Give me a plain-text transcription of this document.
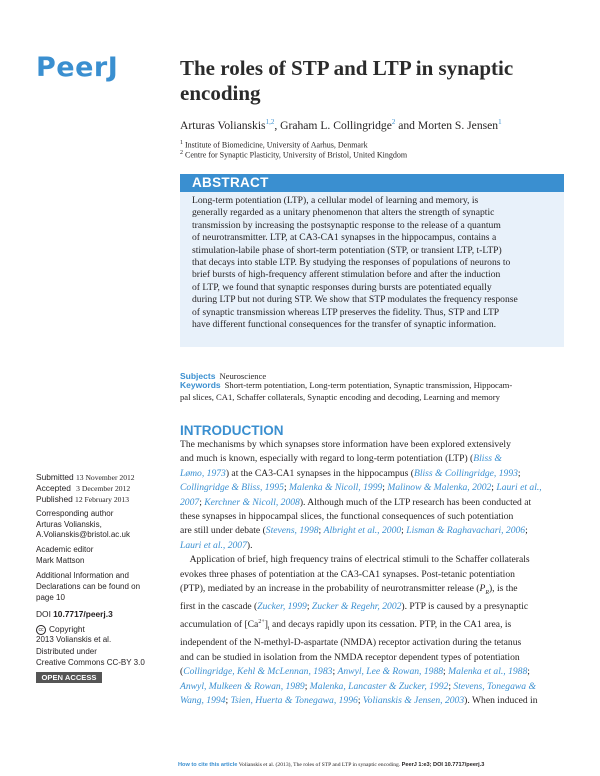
PeerJ	The roles of STP and LTP in synaptic encoding
Arturas Volianskis$^{1,2}$, Graham L. Collingridge$^2$ and Morten S. Jensen$^1$
$^1$ Institute of Biomedicine, University of Aarhus, Denmark
$^2$ Centre for Synaptic Plasticity, University of Bristol, United Kingdom
ABSTRACT

Long-term potentiation (LTP), a cellular model of learning and memory, is

generally regarded as a unitary phenomenon that alters the strength of synaptic

transmission by increasing the postsynaptic response to the release of a quantum

of neurotransmitter. LTP, at CA3-CA1 synapses in the hippocampus, contains a

stimulation-labile phase of short-term potentiation (STP, or transient LTP, t-LTP)

that decays into stable LTP. By studying the responses of populations of neurons to

brief bursts of high-frequency afferent stimulation before and after the induction

of LTP, we found that synaptic responses during bursts are potentiated equally

during LTP but not during STP. We show that STP modulates the frequency response

of synaptic transmission whereas LTP preserves the fidelity. Thus, STP and LTP

have different functional consequences for the transfer of synaptic information.

Subjects Neuroscience

Keywords Short-term potentiation, Long-term potentiation, Synaptic transmission, Hippocam-

pal slices, CA1, Schaffer collaterals, Synaptic encoding and decoding, Learning and memory

INTRODUCTION

The mechanisms by which synapses store information have been explored extensively

and much is known, especially with regard to long-term potentiation (LTP) (Bliss &

Lømo, 1973) at the CA3-CA1 synapses in the hippocampus (Bliss & Collingridge, 1993;

Collingridge & Bliss, 1995; Malenka & Nicoll, 1999; Malinow & Malenka, 2002; Lauri et al.,

2007; Kerchner & Nicoll, 2008). Although much of the LTP research has been conducted at

these synapses in hippocampal slices, the functional consequences of such potentiation

are still under debate (Stevens, 1998; Albright et al., 2000; Lisman & Raghavachari, 2006;

Lauri et al., 2007).

Application of brief, high frequency trains of electrical stimuli to the Schaffer collaterals

evokes three phases of potentiation at the CA3-CA1 synapses. Post-tetanic potentiation

(PTP), mediated by an increase in the probability of neurotransmitter release $(P_R)$, is the

first in the cascade (Zucker, 1999; Zucker & Regehr, 2002). PTP is caused by a presynaptic

accumulation of $[Ca^{2+}]_i$ and decays rapidly upon its cessation. PTP, in the CA1 area, is

independent of the N-methyl-D-aspartate (NMDA) receptor activation during the tetanus

and can be studied in isolation from the NMDA receptor dependent types of potentiation

(Collingridge, Kehl & McLennan, 1983; Anwyl, Lee & Rowan, 1988; Malenka et al., 1988;

Anwyl, Mulkeen & Rowan, 1989; Malenka, Lancaster & Zucker, 1992; Stevens, Tonegawa &

Wang, 1994; Tsien, Huerta & Tonegawa, 1996; Volianskis & Jensen, 2003). When induced in

Submitted 13 November 2012
Accepted 3 December 2012
Published 12 February 2013
Corresponding author
Arturas Volianskis,
A.Volianskis@bristol.ac.uk
Academic editor
Mark Mattson
Additional Information and
Declarations can be found on
page 10
DOI 10.7717/peerj.3
cc Copyright
2013 Volianskis et al.
Distributed under
Creative Commons CC-BY 3.0
OPEN ACCESS
How to cite this article Volianskis et al. (2013), The roles of STP and LTP in synaptic encoding. PeerJ 1:e3; DOI 10.7717/peerj.3
